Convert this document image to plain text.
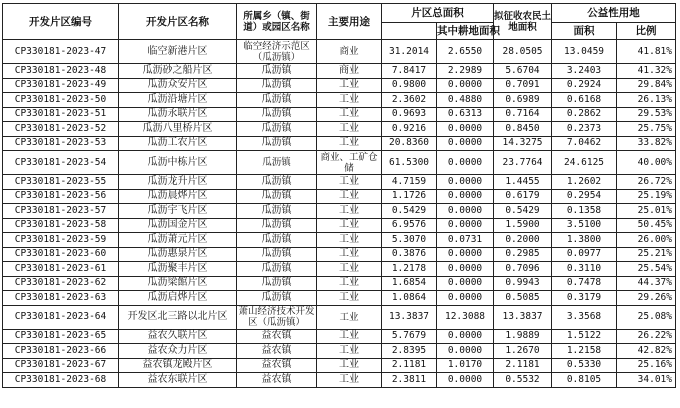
开发片区编号	开发片区名称	所属乡（镇、街道）或园区名称	主要用途	片区总面积		拟征收农民土地面积	公益性用地	
					其中耕地面积		面积	比例
CP330181-2023-47	临空新港片区	临空经济示范区（瓜沥镇）	商业	31.2014	2.6550	28.0505	13.0459	41.81%
CP330181-2023-48	瓜沥砂之船片区	瓜沥镇	商业	7.8417	2.2989	5.6704	3.2403	41.32%
CP330181-2023-49	瓜沥众安片区	瓜沥镇	工业	0.9800	0.0000	0.7091	0.2924	29.84%
CP330181-2023-50	瓜沥沿塘片区	瓜沥镇	工业	2.3602	0.4880	0.6989	0.6168	26.13%
CP330181-2023-51	瓜沥永联片区	瓜沥镇	工业	0.9693	0.6313	0.7164	0.2862	29.53%
CP330181-2023-52	瓜沥八里桥片区	瓜沥镇	工业	0.9216	0.0000	0.8450	0.2373	25.75%
CP330181-2023-53	瓜沥工农片区	瓜沥镇	工业	20.8360	0.0000	14.3275	7.0462	33.82%
CP330181-2023-54	瓜沥中栋片区	瓜沥镇	商业、工矿仓储	61.5300	0.0000	23.7764	24.6125	40.00%
CP330181-2023-55	瓜沥龙升片区	瓜沥镇	工业	4.7159	0.0000	1.4455	1.2602	26.72%
CP330181-2023-56	瓜沥晨烨片区	瓜沥镇	工业	1.1726	0.0000	0.6179	0.2954	25.19%
CP330181-2023-57	瓜沥宇飞片区	瓜沥镇	工业	0.5429	0.0000	0.5429	0.1358	25.01%
CP330181-2023-58	瓜沥国金片区	瓜沥镇	工业	6.9576	0.0000	1.5900	3.5100	50.45%
CP330181-2023-59	瓜沥萧元片区	瓜沥镇	工业	5.3070	0.0731	0.2000	1.3800	26.00%
CP330181-2023-60	瓜沥惠泉片区	瓜沥镇	工业	0.3876	0.0000	0.2985	0.0977	25.21%
CP330181-2023-61	瓜沥聚丰片区	瓜沥镇	工业	1.2178	0.0000	0.7096	0.3110	25.54%
CP330181-2023-62	瓜沥梁館片区	瓜沥镇	工业	1.6854	0.0000	0.9943	0.7478	44.37%
CP330181-2023-63	瓜沥启烨片区	瓜沥镇	工业	1.0864	0.0000	0.5085	0.3179	29.26%
CP330181-2023-64	开发区北三路以北片区	萧山经济技术开发区（瓜沥镇）	工业	13.3837	12.3088	13.3837	3.3568	25.08%
CP330181-2023-65	益农久联片区	益农镇	工业	5.7679	0.0000	1.9889	1.5122	26.22%
CP330181-2023-66	益农众力片区	益农镇	工业	2.8395	0.0000	1.2670	1.2158	42.82%
CP330181-2023-67	益农镇龙殿片区	益农镇	工业	2.1181	1.0170	2.1181	0.5330	25.16%
CP330181-2023-68	益农东联片区	益农镇	工业	2.3811	0.0000	0.5532	0.8105	34.01%
